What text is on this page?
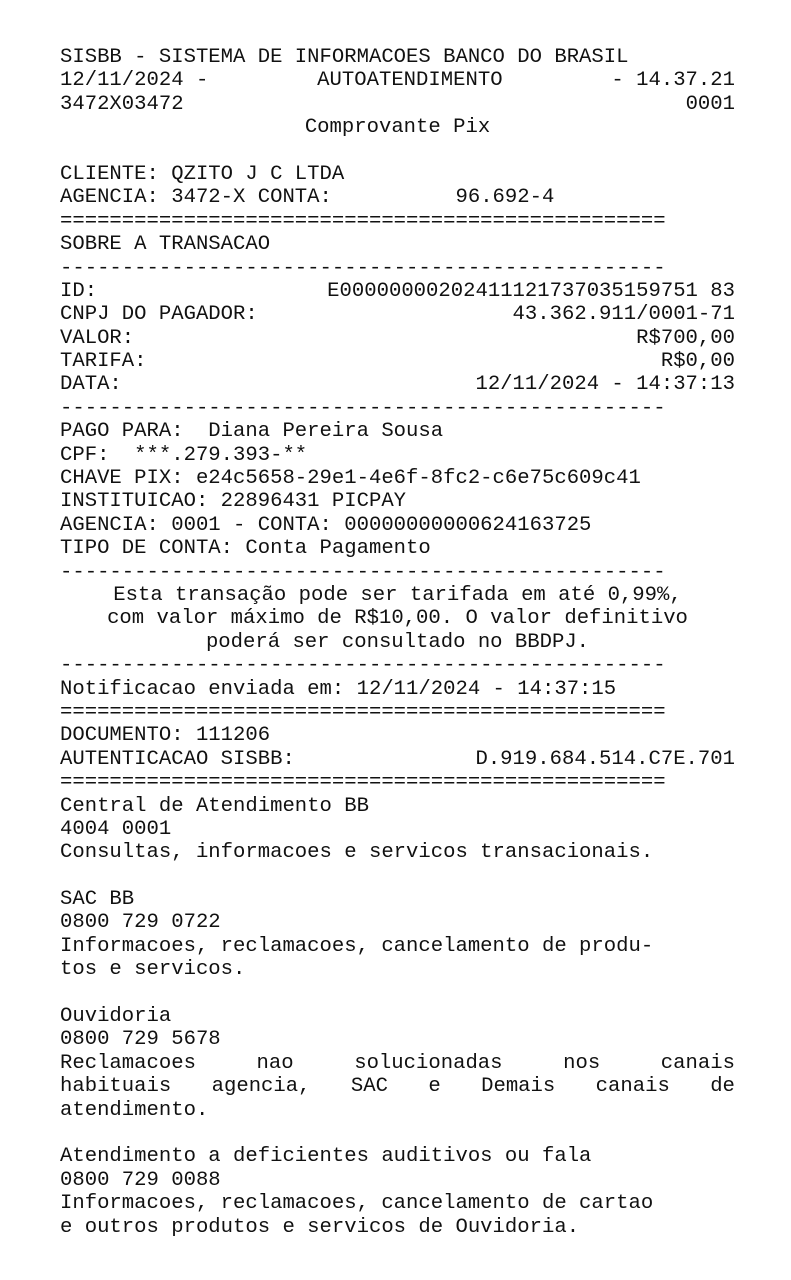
SISBB - SISTEMA DE INFORMACOES BANCO DO BRASIL
12/11/2024 -	AUTOATENDIMENTO	- 14.37.21
3472X03472	0001
Comprovante Pix
CLIENTE: QZITO J C LTDA
AGENCIA: 3472-X CONTA:	96.692-4
=================================================
SOBRE A TRANSACAO
-------------------------------------------------
ID:	E00000000202411121737035159751 83
CNPJ DO PAGADOR:	43.362.911/0001-71
VALOR:	R$700,00
TARIFA:	R$0,00
DATA:	12/11/2024 - 14:37:13
-------------------------------------------------
PAGO PARA:  Diana Pereira Sousa
CPF:  ***.279.393-**
CHAVE PIX: e24c5658-29e1-4e6f-8fc2-c6e75c609c41
INSTITUICAO: 22896431 PICPAY
AGENCIA: 0001 - CONTA: 00000000000624163725
TIPO DE CONTA: Conta Pagamento
-------------------------------------------------
Esta transação pode ser tarifada em até 0,99%,
com valor máximo de R$10,00. O valor definitivo
poderá ser consultado no BBDPJ.
-------------------------------------------------
Notificacao enviada em: 12/11/2024 - 14:37:15
=================================================
DOCUMENTO: 111206
AUTENTICACAO SISBB:	D.919.684.514.C7E.701
=================================================
Central de Atendimento BB
4004 0001
Consultas, informacoes e servicos transacionais.
SAC BB
0800 729 0722
Informacoes, reclamacoes, cancelamento de produ-
tos e servicos.
Ouvidoria
0800 729 5678
Reclamacoes	nao	solucionadas	nos	canais
habituais agencia, SAC e Demais canais de
atendimento.
Atendimento a deficientes auditivos ou fala
0800 729 0088
Informacoes, reclamacoes, cancelamento de cartao
e outros produtos e servicos de Ouvidoria.
